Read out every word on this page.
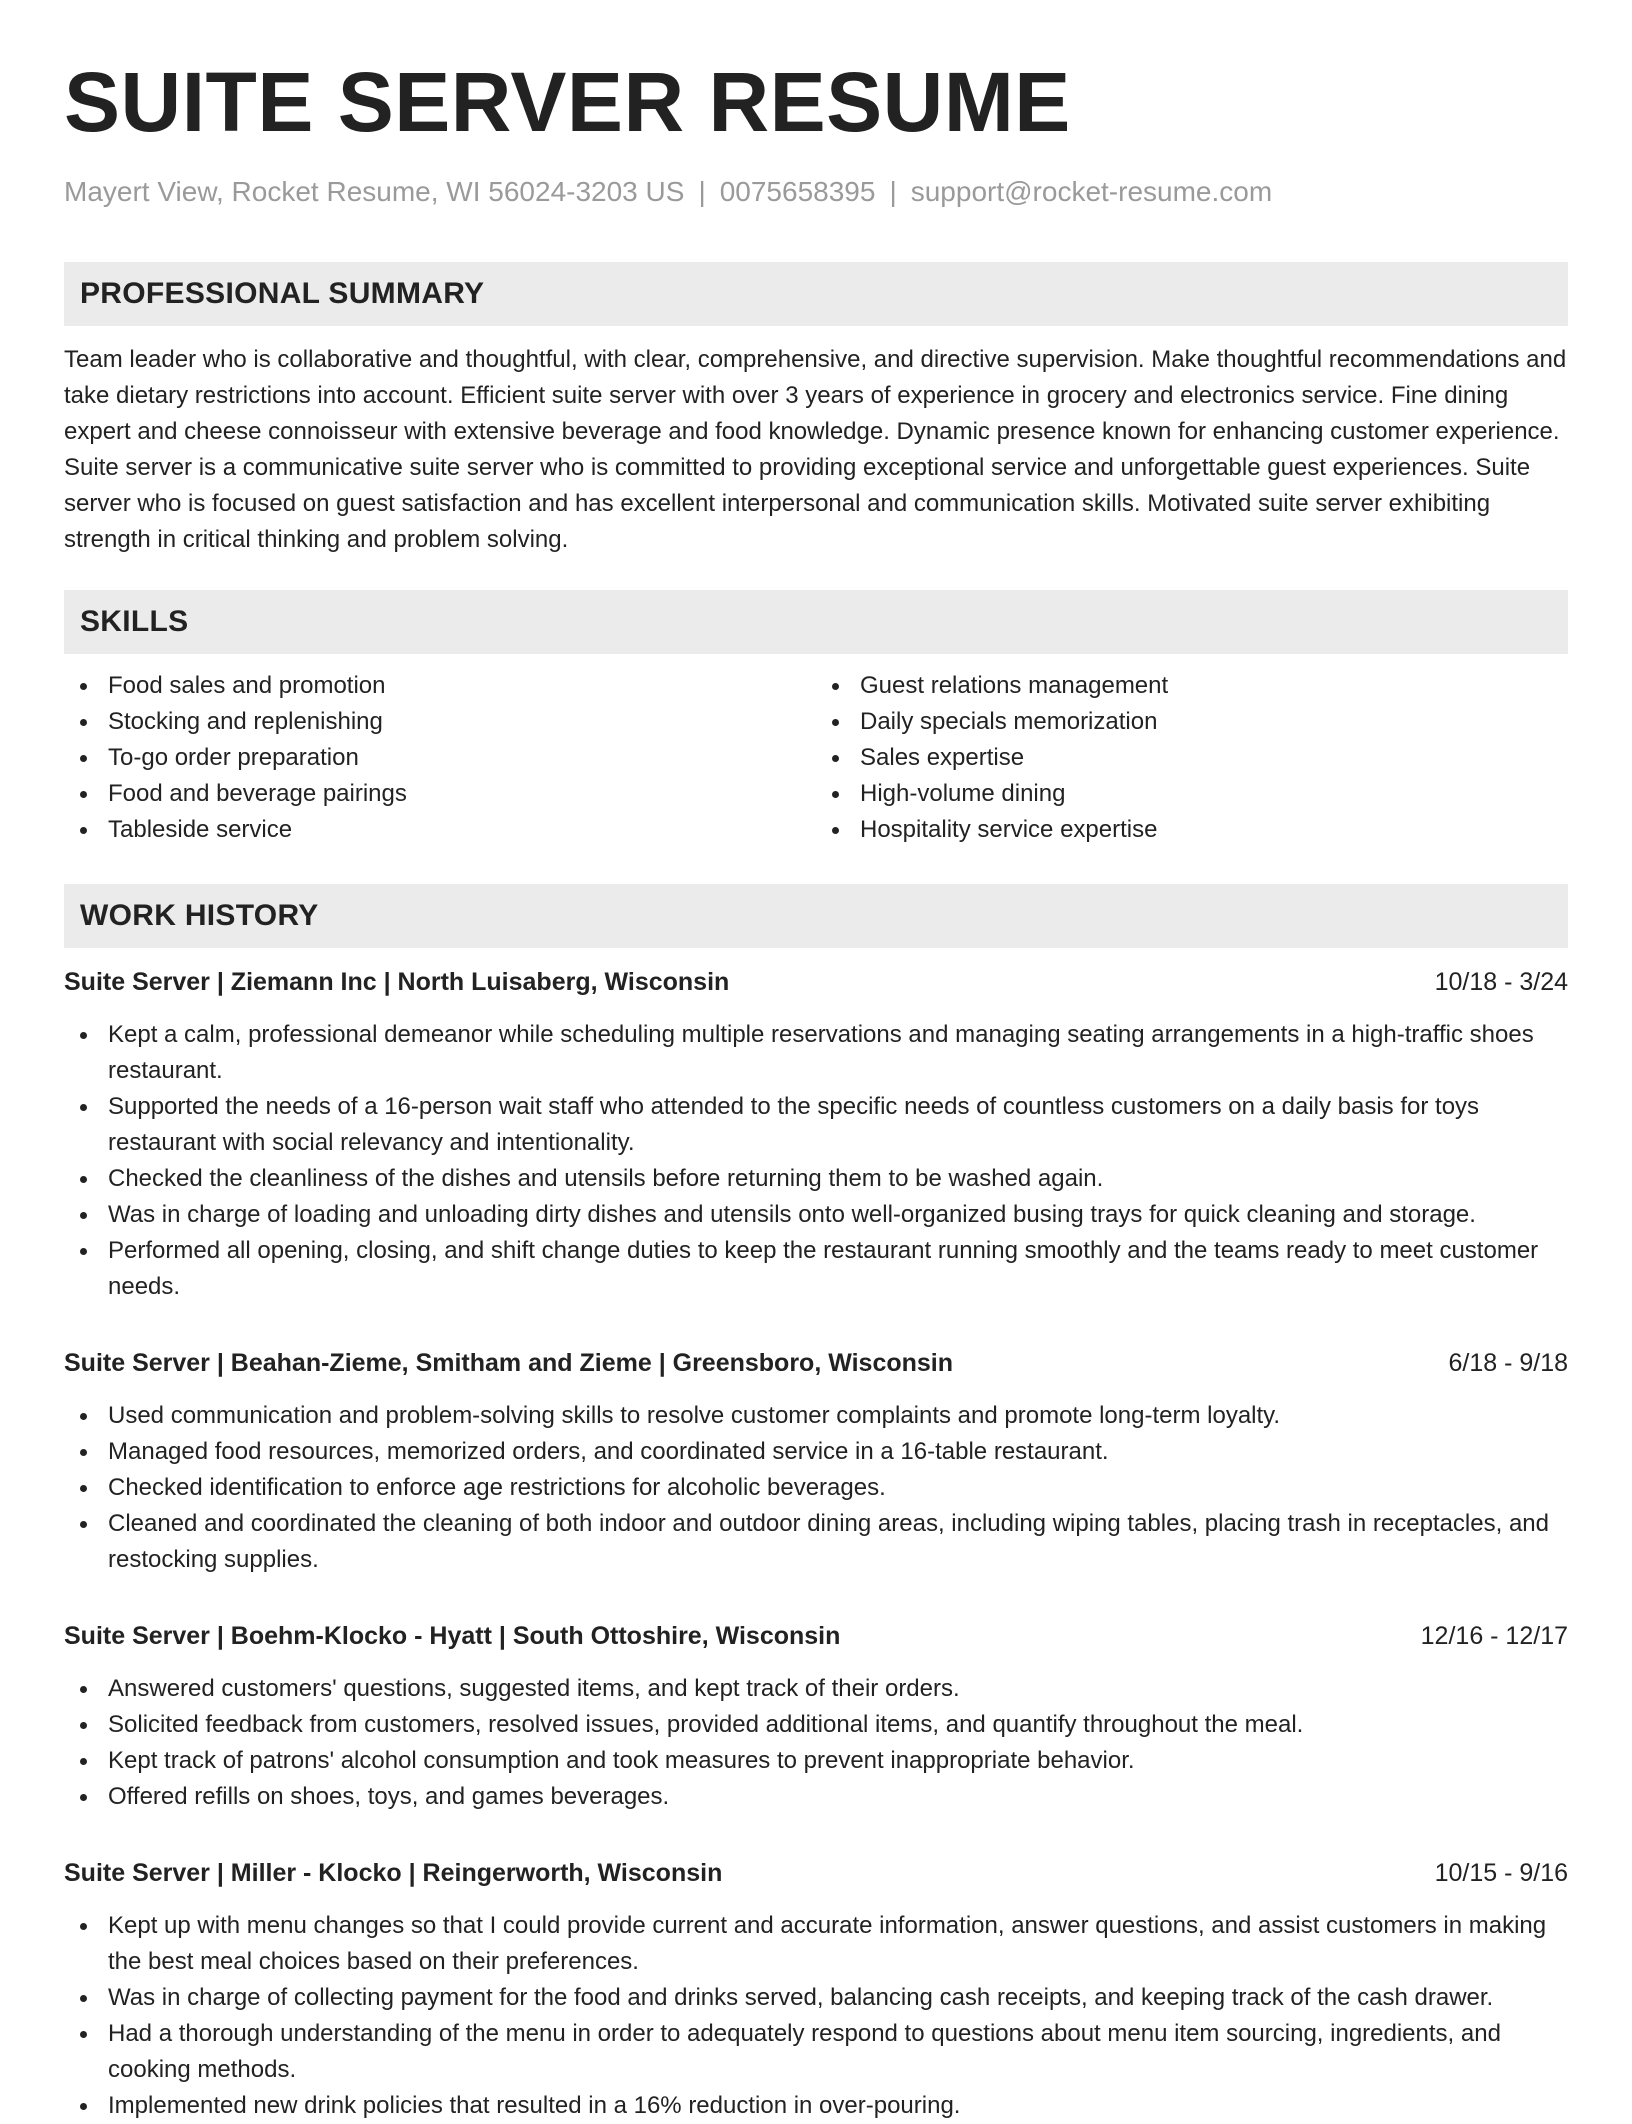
SUITE SERVER RESUME
Mayert View, Rocket Resume, WI 56024-3203 US | 0075658395 | support@rocket-resume.com
PROFESSIONAL SUMMARY
Team leader who is collaborative and thoughtful, with clear, comprehensive, and directive supervision. Make thoughtful recommendations and take dietary restrictions into account. Efficient suite server with over 3 years of experience in grocery and electronics service. Fine dining expert and cheese connoisseur with extensive beverage and food knowledge. Dynamic presence known for enhancing customer experience. Suite server is a communicative suite server who is committed to providing exceptional service and unforgettable guest experiences. Suite server who is focused on guest satisfaction and has excellent interpersonal and communication skills. Motivated suite server exhibiting strength in critical thinking and problem solving.
SKILLS
Food sales and promotion
Stocking and replenishing
To-go order preparation
Food and beverage pairings
Tableside service
Guest relations management
Daily specials memorization
Sales expertise
High-volume dining
Hospitality service expertise
WORK HISTORY
Suite Server | Ziemann Inc | North Luisaberg, Wisconsin	10/18 - 3/24
Kept a calm, professional demeanor while scheduling multiple reservations and managing seating arrangements in a high-traffic shoes restaurant.
Supported the needs of a 16-person wait staff who attended to the specific needs of countless customers on a daily basis for toys restaurant with social relevancy and intentionality.
Checked the cleanliness of the dishes and utensils before returning them to be washed again.
Was in charge of loading and unloading dirty dishes and utensils onto well-organized busing trays for quick cleaning and storage.
Performed all opening, closing, and shift change duties to keep the restaurant running smoothly and the teams ready to meet customer needs.
Suite Server | Beahan-Zieme, Smitham and Zieme | Greensboro, Wisconsin	6/18 - 9/18
Used communication and problem-solving skills to resolve customer complaints and promote long-term loyalty.
Managed food resources, memorized orders, and coordinated service in a 16-table restaurant.
Checked identification to enforce age restrictions for alcoholic beverages.
Cleaned and coordinated the cleaning of both indoor and outdoor dining areas, including wiping tables, placing trash in receptacles, and restocking supplies.
Suite Server | Boehm-Klocko - Hyatt | South Ottoshire, Wisconsin	12/16 - 12/17
Answered customers' questions, suggested items, and kept track of their orders.
Solicited feedback from customers, resolved issues, provided additional items, and quantify throughout the meal.
Kept track of patrons' alcohol consumption and took measures to prevent inappropriate behavior.
Offered refills on shoes, toys, and games beverages.
Suite Server | Miller - Klocko | Reingerworth, Wisconsin	10/15 - 9/16
Kept up with menu changes so that I could provide current and accurate information, answer questions, and assist customers in making the best meal choices based on their preferences.
Was in charge of collecting payment for the food and drinks served, balancing cash receipts, and keeping track of the cash drawer.
Had a thorough understanding of the menu in order to adequately respond to questions about menu item sourcing, ingredients, and cooking methods.
Implemented new drink policies that resulted in a 16% reduction in over-pouring.
